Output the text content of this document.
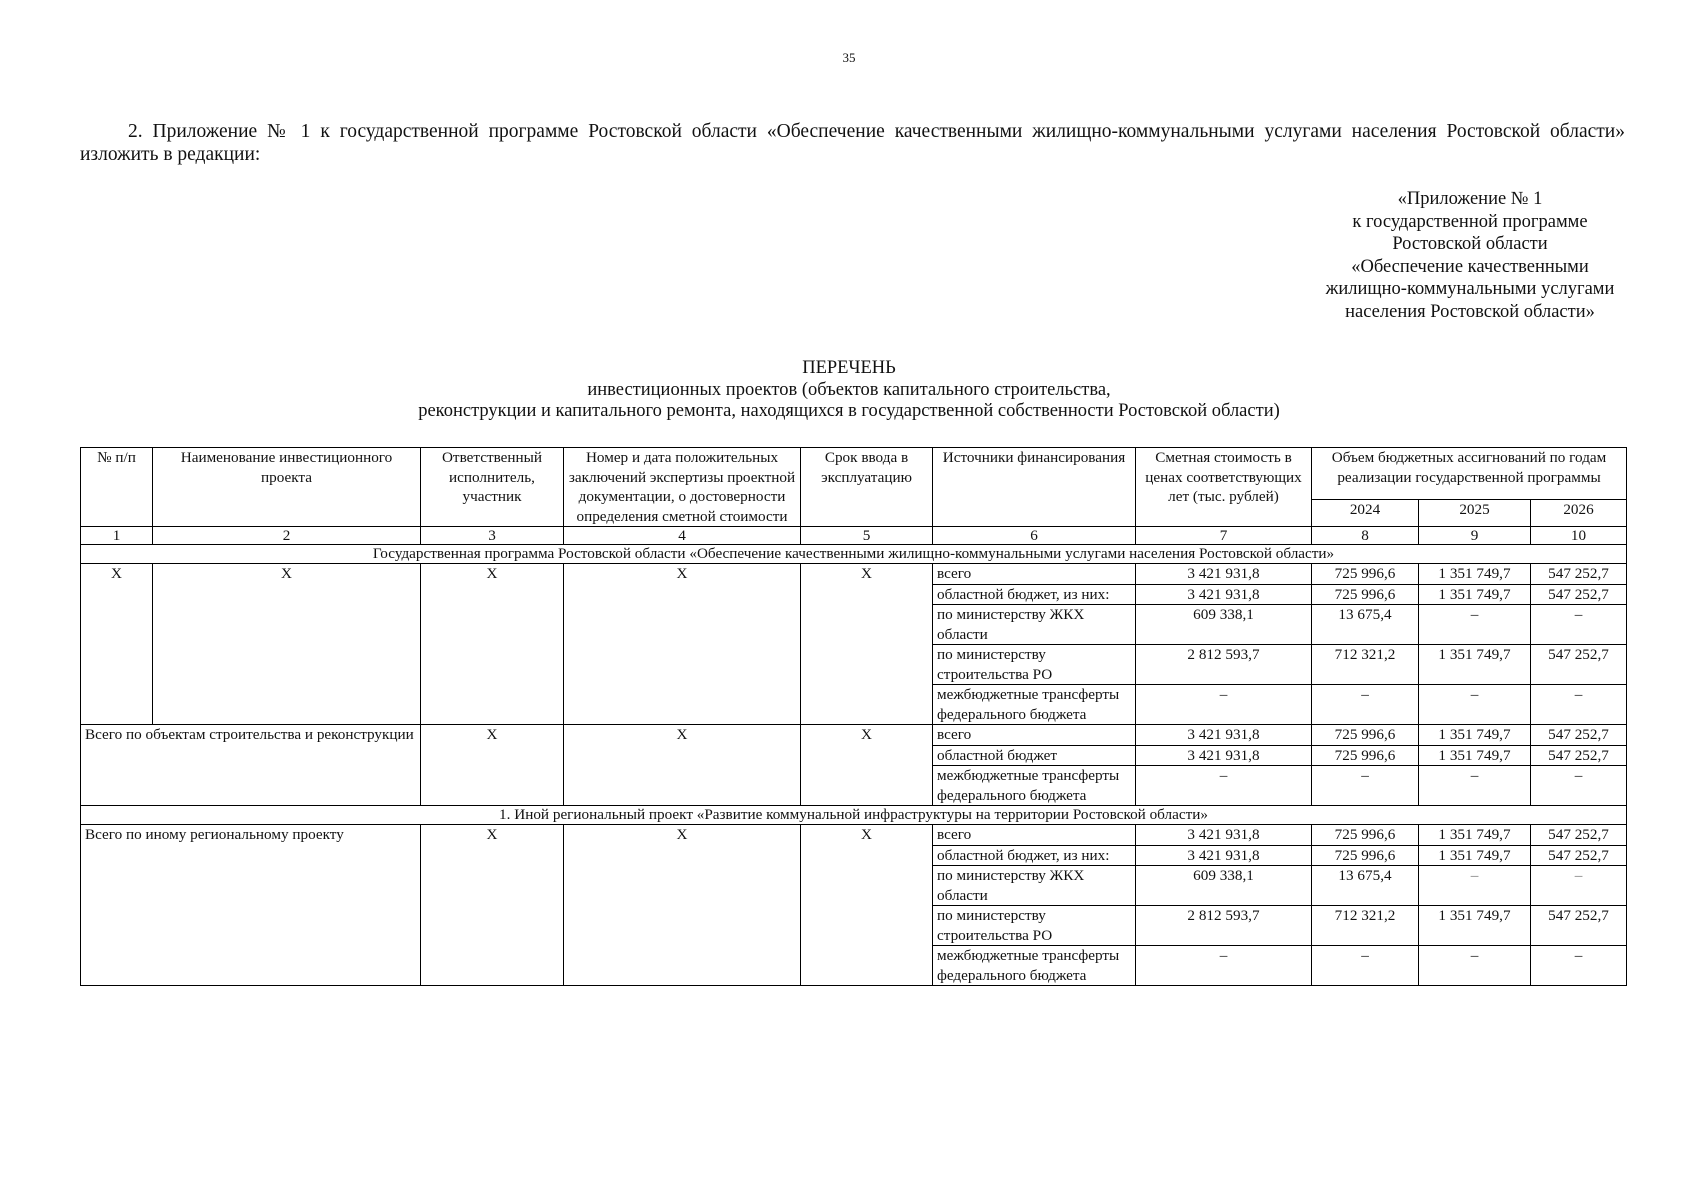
35
2. Приложение № 1 к государственной программе Ростовской области «Обеспечение качественными жилищно-коммунальными услугами населения Ростовской области» изложить в редакции:
«Приложение № 1
к государственной программе
Ростовской области
«Обеспечение качественными
жилищно-коммунальными услугами
населения Ростовской области»
ПЕРЕЧЕНЬ
инвестиционных проектов (объектов капитального строительства,
реконструкции и капитального ремонта, находящихся в государственной собственности Ростовской области)
№ п/п	Наименование инвестиционного проекта	Ответственный исполнитель, участник	Номер и дата положительных заключений экспертизы проектной документации, о достоверности определения сметной стоимости	Срок ввода в эксплуатацию	Источники финансирования	Сметная стоимость в ценах соответствующих лет (тыс. рублей)	Объем бюджетных ассигнований по годам реализации государственной программы		
							2024	2025	2026
1	2	3	4	5	6	7	8	9	10
Государственная программа Ростовской области «Обеспечение качественными жилищно-коммунальными услугами населения Ростовской области»									
Х	Х	Х	Х	Х	всего	3 421 931,8	725 996,6	1 351 749,7	547 252,7
					областной бюджет, из них:	3 421 931,8	725 996,6	1 351 749,7	547 252,7
					по министерству ЖКХ области	609 338,1	13 675,4	–	–
					по министерству строительства РО	2 812 593,7	712 321,2	1 351 749,7	547 252,7
					межбюджетные трансферты федерального бюджета	–	–	–	–
Всего по объектам строительства и реконструкции		Х	Х	Х	всего	3 421 931,8	725 996,6	1 351 749,7	547 252,7
					областной бюджет	3 421 931,8	725 996,6	1 351 749,7	547 252,7
					межбюджетные трансферты федерального бюджета	–	–	–	–
1. Иной региональный проект «Развитие коммунальной инфраструктуры на территории Ростовской области»									
Всего по иному региональному проекту		Х	Х	Х	всего	3 421 931,8	725 996,6	1 351 749,7	547 252,7
					областной бюджет, из них:	3 421 931,8	725 996,6	1 351 749,7	547 252,7
					по министерству ЖКХ области	609 338,1	13 675,4	–	–
					по министерству строительства РО	2 812 593,7	712 321,2	1 351 749,7	547 252,7
					межбюджетные трансферты федерального бюджета	–	–	–	–
